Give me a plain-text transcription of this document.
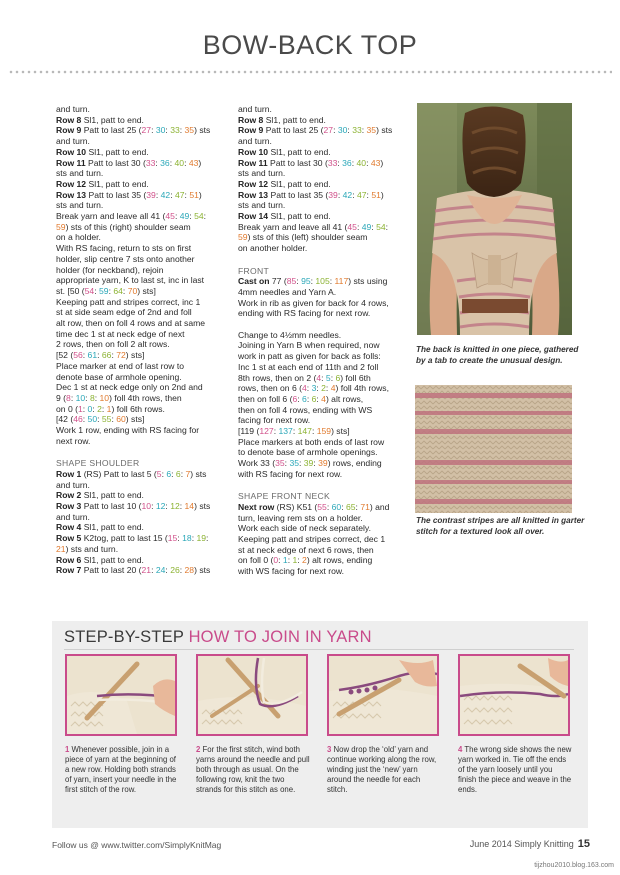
BOW-BACK TOP
and turn.
Row 8 Sl1, patt to end.
Row 9 Patt to last 25 (27: 30: 33: 35) sts
and turn.
Row 10 Sl1, patt to end.
Row 11 Patt to last 30 (33: 36: 40: 43)
sts and turn.
Row 12 Sl1, patt to end.
Row 13 Patt to last 35 (39: 42: 47: 51)
sts and turn.
Break yarn and leave all 41 (45: 49: 54:
59) sts of this (right) shoulder seam
on a holder.
With RS facing, return to sts on first
holder, slip centre 7 sts onto another
holder (for neckband), rejoin
appropriate yarn, K to last st, inc in last
st. [50 (54: 59: 64: 70) sts]
Keeping patt and stripes correct, inc 1
st at side seam edge of 2nd and foll
alt row, then on foll 4 rows and at same
time dec 1 st at neck edge of next
2 rows, then on foll 2 alt rows.
[52 (56: 61: 66: 72) sts]
Place marker at end of last row to
denote base of armhole opening.
Dec 1 st at neck edge only on 2nd and
9 (8: 10: 8: 10) foll 4th rows, then
on 0 (1: 0: 2: 1) foll 6th rows.
[42 (46: 50: 55: 60) sts]
Work 1 row, ending with RS facing for
next row.
SHAPE SHOULDER
Row 1 (RS) Patt to last 5 (5: 6: 6: 7) sts
and turn.
Row 2 Sl1, patt to end.
Row 3 Patt to last 10 (10: 12: 12: 14) sts
and turn.
Row 4 Sl1, patt to end.
Row 5 K2tog, patt to last 15 (15: 18: 19:
21) sts and turn.
Row 6 Sl1, patt to end.
Row 7 Patt to last 20 (21: 24: 26: 28) sts
and turn.
Row 8 Sl1, patt to end.
Row 9 Patt to last 25 (27: 30: 33: 35) sts
and turn.
Row 10 Sl1, patt to end.
Row 11 Patt to last 30 (33: 36: 40: 43)
sts and turn.
Row 12 Sl1, patt to end.
Row 13 Patt to last 35 (39: 42: 47: 51)
sts and turn.
Row 14 Sl1, patt to end.
Break yarn and leave all 41 (45: 49: 54:
59) sts of this (left) shoulder seam
on another holder.
FRONT
Cast on 77 (85: 95: 105: 117) sts using
4mm needles and Yarn A.
Work in rib as given for back for 4 rows,
ending with RS facing for next row.
Change to 4½mm needles.
Joining in Yarn B when required, now
work in patt as given for back as folls:
Inc 1 st at each end of 11th and 2 foll
8th rows, then on 2 (4: 5: 6) foll 6th
rows, then on 6 (4: 3: 2: 4) foll 4th rows,
then on foll 6 (6: 6: 6: 4) alt rows,
then on foll 4 rows, ending with WS
facing for next row.
[119 (127: 137: 147: 159) sts]
Place markers at both ends of last row
to denote base of armhole openings.
Work 33 (35: 35: 39: 39) rows, ending
with RS facing for next row.
SHAPE FRONT NECK
Next row (RS) K51 (55: 60: 65: 71) and
turn, leaving rem sts on a holder.
Work each side of neck separately.
Keeping patt and stripes correct, dec 1
st at neck edge of next 6 rows, then
on foll 0 (0: 1: 1: 2) alt rows, ending
with WS facing for next row.
The back is knitted in one piece, gathered by a tab to create the unusual design.
The contrast stripes are all knitted in garter stitch for a textured look all over.
STEP-BY-STEP HOW TO JOIN IN YARN
1 Whenever possible, join in a piece of yarn at the beginning of a new row. Holding both strands of yarn, insert your needle in the first stitch of the row.
2 For the first stitch, wind both yarns around the needle and pull both through as usual. On the following row, knit the two strands for this stitch as one.
3 Now drop the ‘old’ yarn and continue working along the row, winding just the ‘new’ yarn around the needle for each stitch.
4 The wrong side shows the new yarn worked in. Tie off the ends of the yarn loosely until you finish the piece and weave in the ends.
Follow us @ www.twitter.com/SimplyKnitMag	June 2014 Simply Knitting 15
tijzhou2010.blog.163.com
